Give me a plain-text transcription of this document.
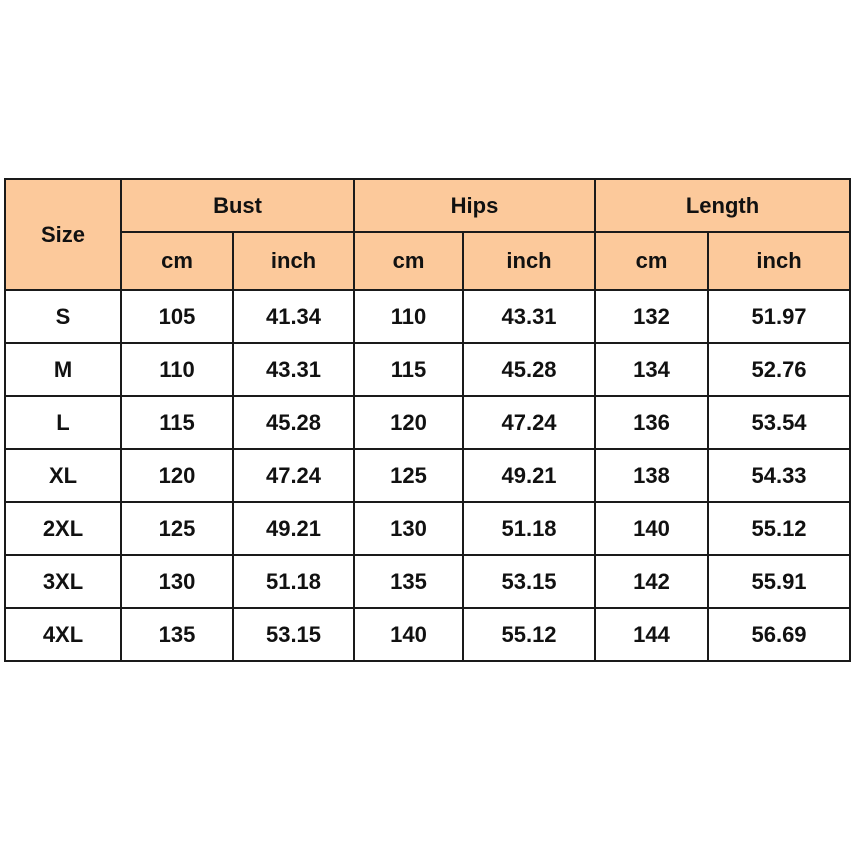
Size	Bust		Hips		Length	
	cm	inch	cm	inch	cm	inch
S	105	41.34	110	43.31	132	51.97
M	110	43.31	115	45.28	134	52.76
L	115	45.28	120	47.24	136	53.54
XL	120	47.24	125	49.21	138	54.33
2XL	125	49.21	130	51.18	140	55.12
3XL	130	51.18	135	53.15	142	55.91
4XL	135	53.15	140	55.12	144	56.69
